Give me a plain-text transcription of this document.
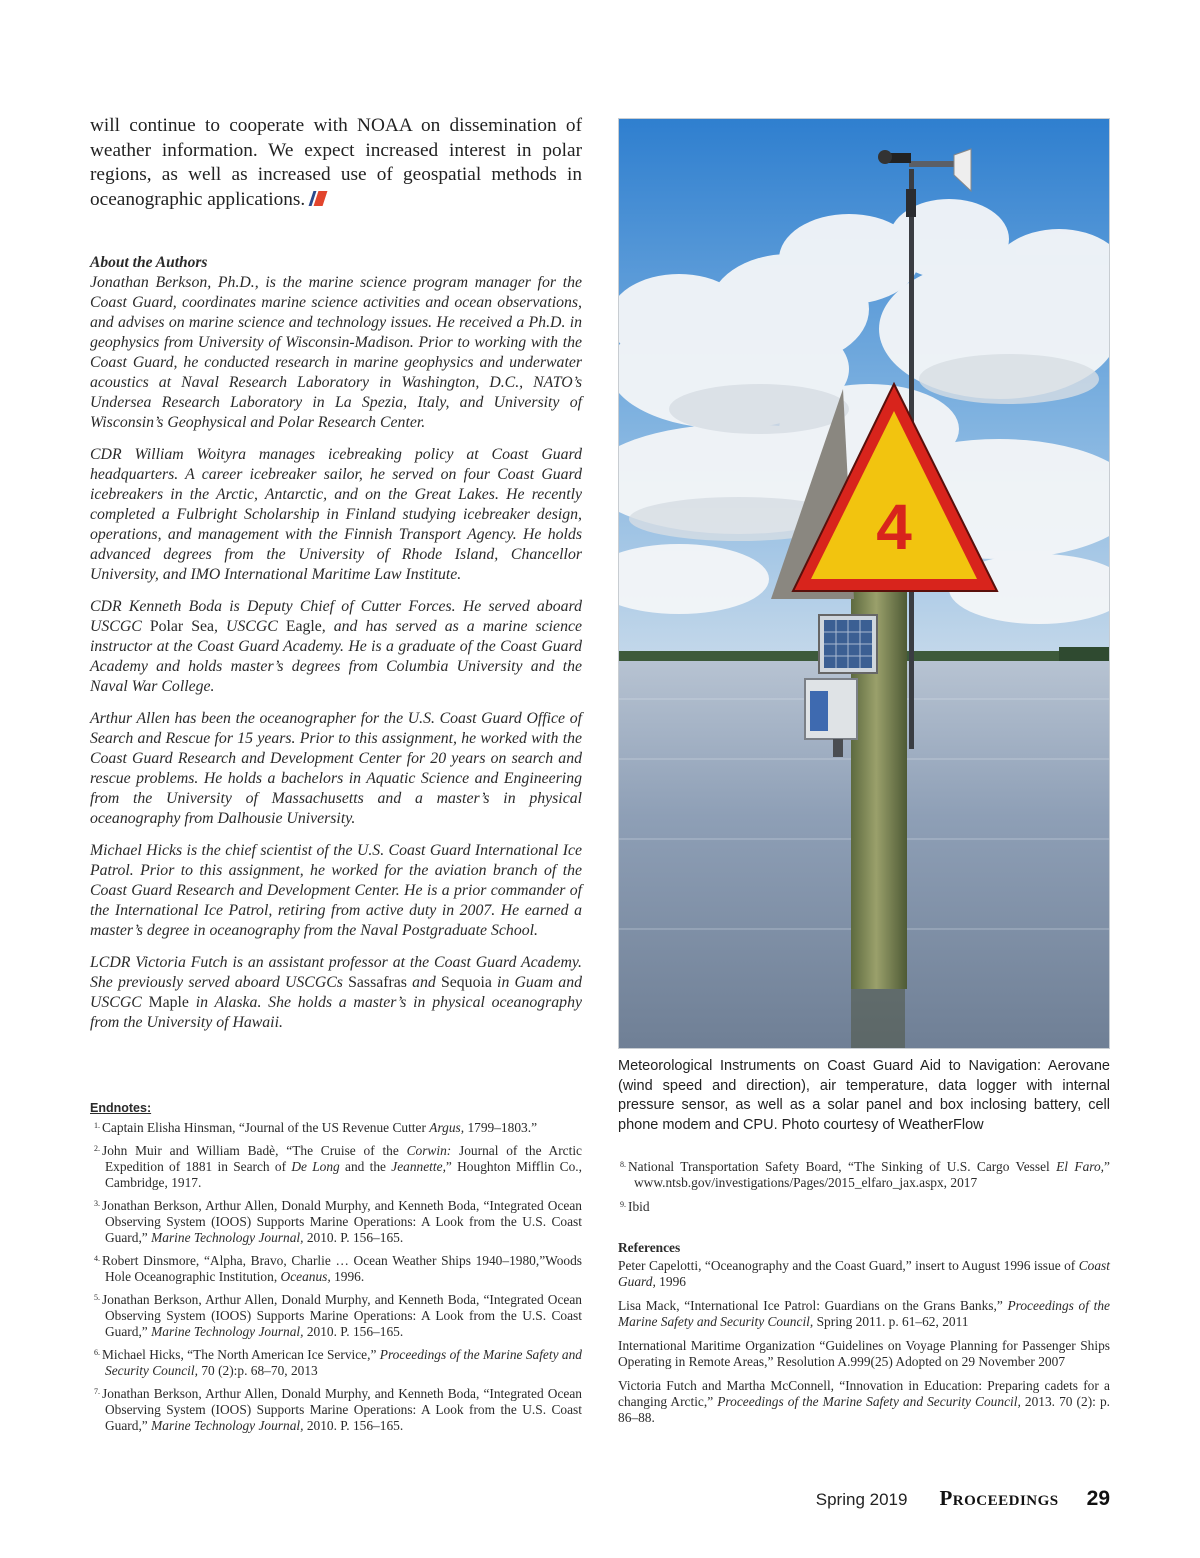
will continue to cooperate with NOAA on dissemination of weather information. We expect increased interest in polar regions, as well as increased use of geospatial methods in oceanographic applications.

About the Authors

Jonathan Berkson, Ph.D., is the marine science program manager for the Coast Guard, coordinates marine science activities and ocean observations, and advises on marine science and technology issues. He received a Ph.D. in geophysics from University of Wisconsin-Madison. Prior to working with the Coast Guard, he conducted research in marine geophysics and underwater acoustics at Naval Research Laboratory in Washington, D.C., NATO’s Undersea Research Laboratory in La Spezia, Italy, and University of Wisconsin’s Geophysical and Polar Research Center.

CDR William Woityra manages icebreaking policy at Coast Guard headquarters. A career icebreaker sailor, he served on four Coast Guard icebreakers in the Arctic, Antarctic, and on the Great Lakes. He recently completed a Fulbright Scholarship in Finland studying icebreaker design, operations, and management with the Finnish Transport Agency. He holds advanced degrees from the University of Rhode Island, Chancellor University, and IMO International Maritime Law Institute.

CDR Kenneth Boda is Deputy Chief of Cutter Forces. He served aboard USCGC Polar Sea, USCGC Eagle, and has served as a marine science instructor at the Coast Guard Academy. He is a graduate of the Coast Guard Academy and holds master’s degrees from Columbia University and the Naval War College.

Arthur Allen has been the oceanographer for the U.S. Coast Guard Office of Search and Rescue for 15 years. Prior to this assignment, he worked with the Coast Guard Research and Development Center for 20 years on search and rescue problems. He holds a bachelors in Aquatic Science and Engineering from the University of Massachusetts and a master’s in physical oceanography from Dalhousie University.

Michael Hicks is the chief scientist of the U.S. Coast Guard International Ice Patrol. Prior to this assignment, he worked for the aviation branch of the Coast Guard Research and Development Center. He is a prior commander of the International Ice Patrol, retiring from active duty in 2007. He earned a master’s degree in oceanography from the Naval Postgraduate School.

LCDR Victoria Futch is an assistant professor at the Coast Guard Academy. She previously served aboard USCGCs Sassafras and Sequoia in Guam and USCGC Maple in Alaska. She holds a master’s in physical oceanography from the University of Hawaii.

Endnotes:

$^{1.}$ Captain Elisha Hinsman, “Journal of the US Revenue Cutter Argus, 1799–1803.”

$^{2.}$ John Muir and William Badè, “The Cruise of the Corwin: Journal of the Arctic Expedition of 1881 in Search of De Long and the Jeannette,” Houghton Mifflin Co., Cambridge, 1917.

$^{3.}$ Jonathan Berkson, Arthur Allen, Donald Murphy, and Kenneth Boda, “Integrated Ocean Observing System (IOOS) Supports Marine Operations: A Look from the U.S. Coast Guard,” Marine Technology Journal, 2010. P. 156–165.

$^{4.}$ Robert Dinsmore, “Alpha, Bravo, Charlie … Ocean Weather Ships 1940–1980,”Woods Hole Oceanographic Institution, Oceanus, 1996.

$^{5.}$ Jonathan Berkson, Arthur Allen, Donald Murphy, and Kenneth Boda, “Integrated Ocean Observing System (IOOS) Supports Marine Operations: A Look from the U.S. Coast Guard,” Marine Technology Journal, 2010. P. 156–165.

$^{6.}$ Michael Hicks, “The North American Ice Service,” Proceedings of the Marine Safety and Security Council, 70 (2):p. 68–70, 2013

$^{7.}$ Jonathan Berkson, Arthur Allen, Donald Murphy, and Kenneth Boda, “Integrated Ocean Observing System (IOOS) Supports Marine Operations: A Look from the U.S. Coast Guard,” Marine Technology Journal, 2010. P. 156–165.

4

Meteorological Instruments on Coast Guard Aid to Navigation: Aerovane (wind speed and direction), air temperature, data logger with internal pressure sensor, as well as a solar panel and box inclosing battery, cell phone modem and CPU. Photo courtesy of WeatherFlow

$^{8.}$ National Transportation Safety Board, “The Sinking of U.S. Cargo Vessel El Faro,” www.ntsb.gov/investigations/Pages/2015_elfaro_jax.aspx, 2017

$^{9.}$ Ibid

References

Peter Capelotti, “Oceanography and the Coast Guard,” insert to August 1996 issue of Coast Guard, 1996

Lisa Mack, “International Ice Patrol: Guardians on the Grans Banks,” Proceedings of the Marine Safety and Security Council, Spring 2011. p. 61–62, 2011

International Maritime Organization “Guidelines on Voyage Planning for Passenger Ships Operating in Remote Areas,” Resolution A.999(25) Adopted on 29 November 2007

Victoria Futch and Martha McConnell, “Innovation in Education: Preparing cadets for a changing Arctic,” Proceedings of the Marine Safety and Security Council, 2013. 70 (2): p. 86–88.

Spring 2019 Proceedings 29
